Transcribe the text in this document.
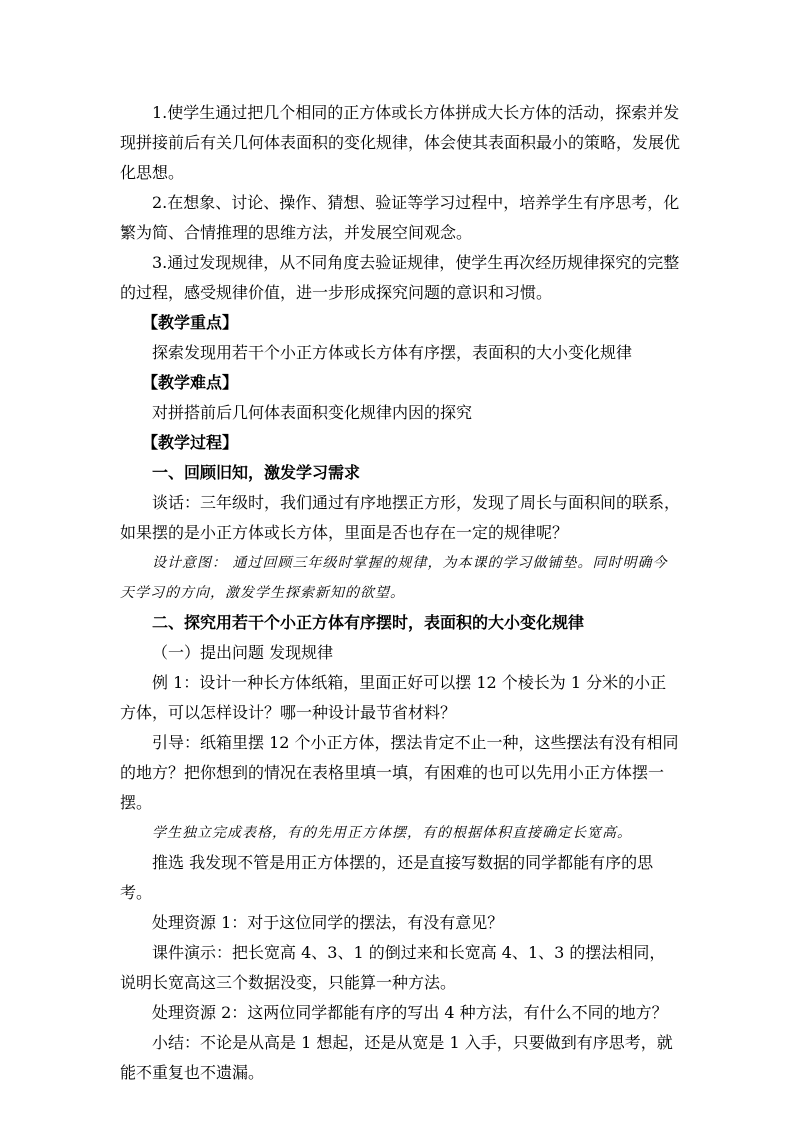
1.使学生通过把几个相同的正方体或长方体拼成大长方体的活动，探索并发现拼接前后有关几何体表面积的变化规律，体会使其表面积最小的策略，发展优化思想。

2.在想象、讨论、操作、猜想、验证等学习过程中，培养学生有序思考，化繁为简、合情推理的思维方法，并发展空间观念。

3.通过发现规律，从不同角度去验证规律，使学生再次经历规律探究的完整的过程，感受规律价值，进一步形成探究问题的意识和习惯。

【教学重点】

探索发现用若干个小正方体或长方体有序摆，表面积的大小变化规律

【教学难点】

对拼搭前后几何体表面积变化规律内因的探究

【教学过程】

一、回顾旧知，激发学习需求

谈话：三年级时，我们通过有序地摆正方形，发现了周长与面积间的联系，如果摆的是小正方体或长方体，里面是否也存在一定的规律呢？

设计意图： 通过回顾三年级时掌握的规律，为本课的学习做铺垫。同时明确今天学习的方向，激发学生探索新知的欲望。

二、探究用若干个小正方体有序摆时，表面积的大小变化规律

（一）提出问题 发现规律

例 1：设计一种长方体纸箱，里面正好可以摆 12 个棱长为 1 分米的小正方体，可以怎样设计？哪一种设计最节省材料？

引导：纸箱里摆 12 个小正方体，摆法肯定不止一种，这些摆法有没有相同的地方？把你想到的情况在表格里填一填，有困难的也可以先用小正方体摆一摆。

学生独立完成表格，有的先用正方体摆，有的根据体积直接确定长宽高。

推选 我发现不管是用正方体摆的，还是直接写数据的同学都能有序的思考。

处理资源 1：对于这位同学的摆法，有没有意见？

课件演示：把长宽高 4、3、1 的倒过来和长宽高 4、1、3 的摆法相同，说明长宽高这三个数据没变，只能算一种方法。

处理资源 2：这两位同学都能有序的写出 4 种方法，有什么不同的地方？

小结：不论是从高是 1 想起，还是从宽是 1 入手，只要做到有序思考，就能不重复也不遗漏。
